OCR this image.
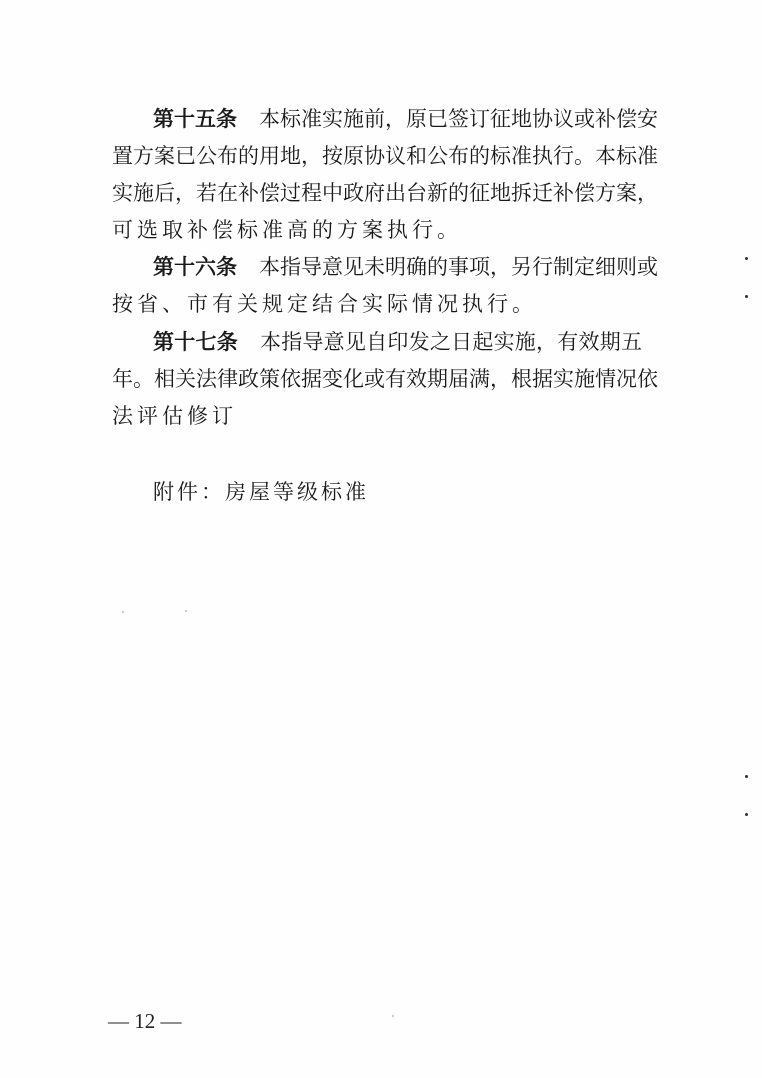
第十五条 本标准实施前，原已签订征地协议或补偿安
置方案已公布的用地，按原协议和公布的标准执行。本标准
实施后，若在补偿过程中政府出台新的征地拆迁补偿方案，
可选取补偿标准高的方案执行。
第十六条 本指导意见未明确的事项，另行制定细则或
按省、市有关规定结合实际情况执行。
第十七条 本指导意见自印发之日起实施，有效期五
年。相关法律政策依据变化或有效期届满，根据实施情况依
法评估修订
附件：房屋等级标准
— 12 —
